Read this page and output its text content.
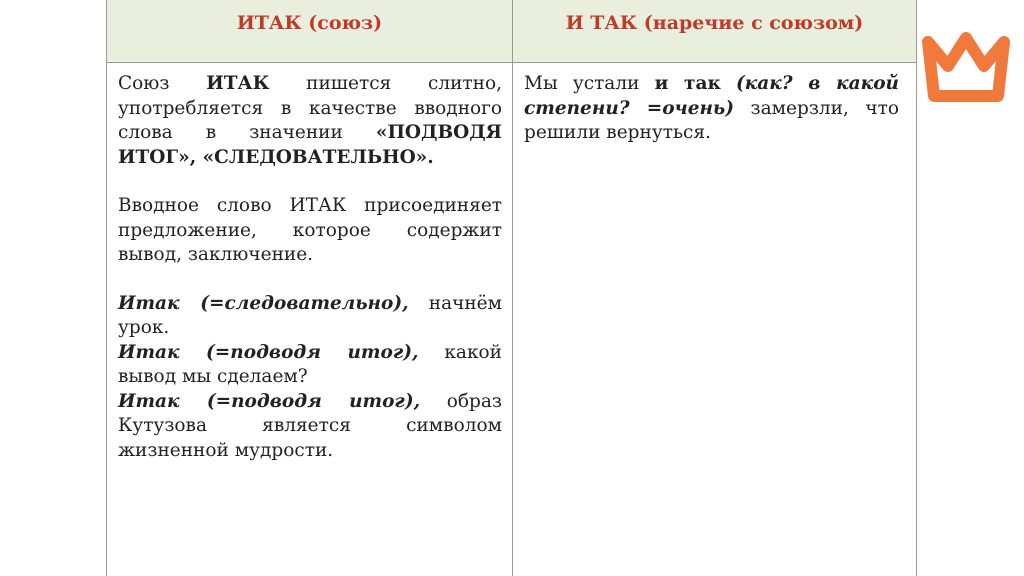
ИТАК (союз)	И ТАК (наречие с союзом)

Союз ИТАК пишется слитно, употребляется в качестве вводного слова в значении «ПОДВОДЯ ИТОГ», «СЛЕДОВАТЕЛЬНО».

Вводное слово ИТАК присоединяет предложение, которое содержит вывод, заключение.

Итак (=следовательно), начнём урок.

Итак (=подводя итог), какой вывод мы сделаем?

Итак (=подводя итог), образ Кутузова является символом жизненной мудрости.

Мы устали и так (как? в какой степени? =очень) замерзли, что решили вернуться.
